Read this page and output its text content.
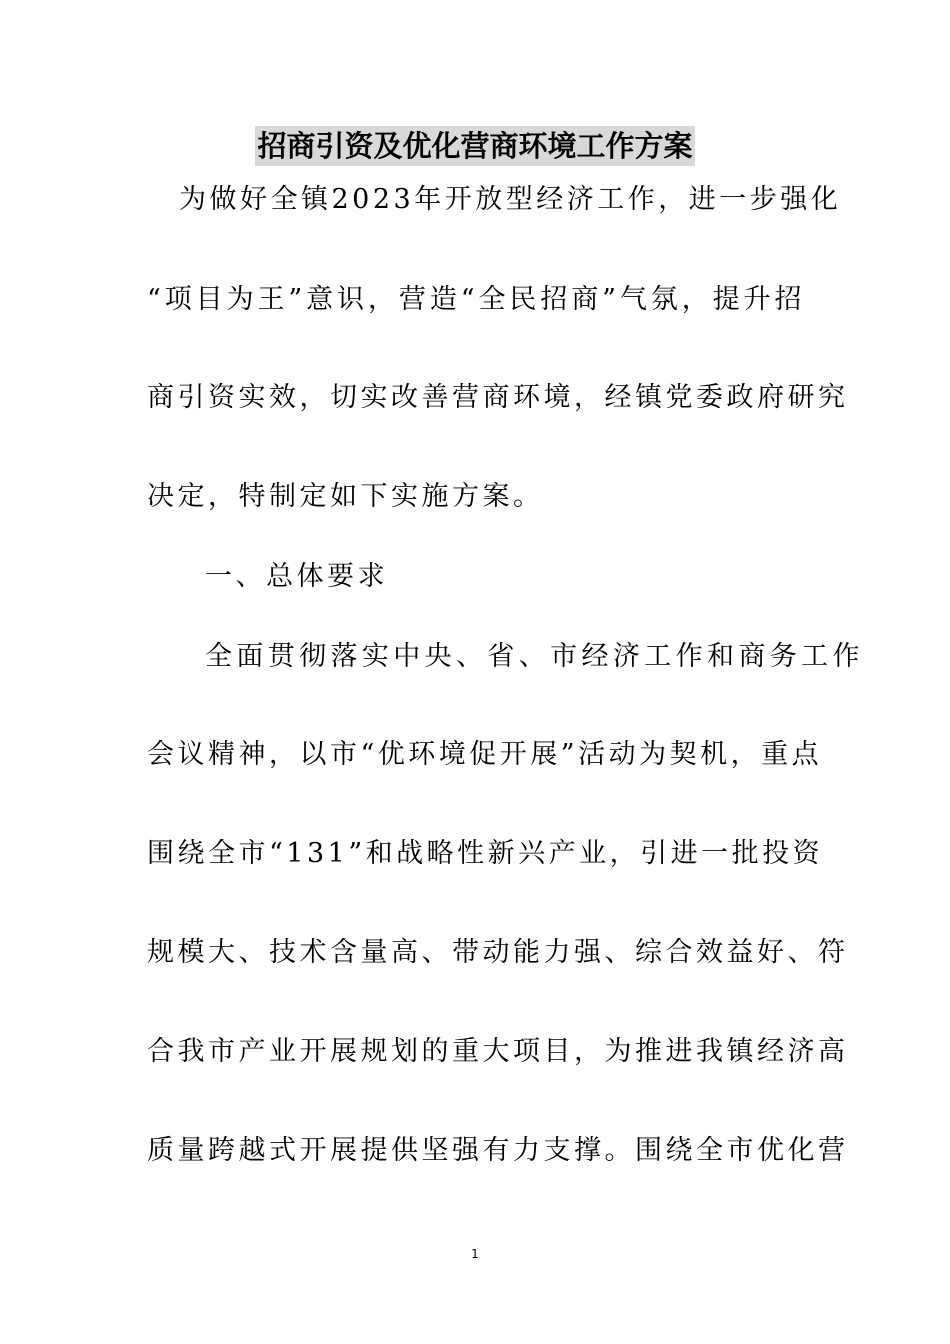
招商引资及优化营商环境工作方案
为做好全镇2023年开放型经济工作，进一步强化
“项目为王”意识，营造“全民招商”气氛，提升招
商引资实效，切实改善营商环境，经镇党委政府研究
决定，特制定如下实施方案。
一、总体要求
全面贯彻落实中央、省、市经济工作和商务工作
会议精神，以市“优环境促开展”活动为契机，重点
围绕全市“131”和战略性新兴产业，引进一批投资
规模大、技术含量高、带动能力强、综合效益好、符
合我市产业开展规划的重大项目，为推进我镇经济高
质量跨越式开展提供坚强有力支撑。围绕全市优化营
1
